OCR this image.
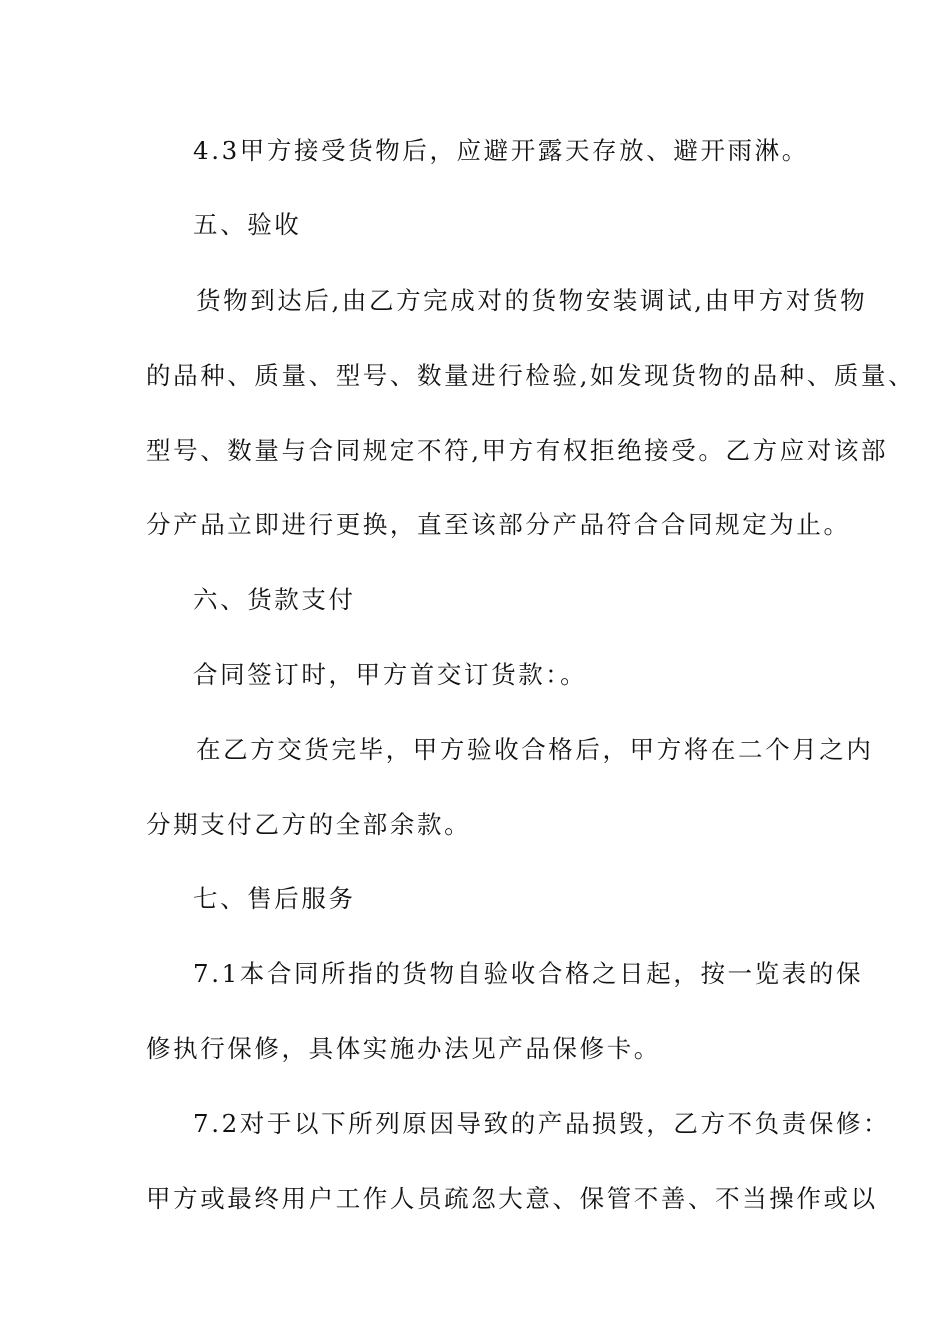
4.3甲方接受货物后，应避开露天存放、避开雨淋。
五、验收
货物到达后,由乙方完成对的货物安装调试,由甲方对货物
的品种、质量、型号、数量进行检验,如发现货物的品种、质量、
型号、数量与合同规定不符,甲方有权拒绝接受。乙方应对该部
分产品立即进行更换，直至该部分产品符合合同规定为止。
六、货款支付
合同签订时，甲方首交订货款：。
在乙方交货完毕，甲方验收合格后，甲方将在二个月之内
分期支付乙方的全部余款。
七、售后服务
7.1本合同所指的货物自验收合格之日起，按一览表的保
修执行保修，具体实施办法见产品保修卡。
7.2对于以下所列原因导致的产品损毁，乙方不负责保修：
甲方或最终用户工作人员疏忽大意、保管不善、不当操作或以
